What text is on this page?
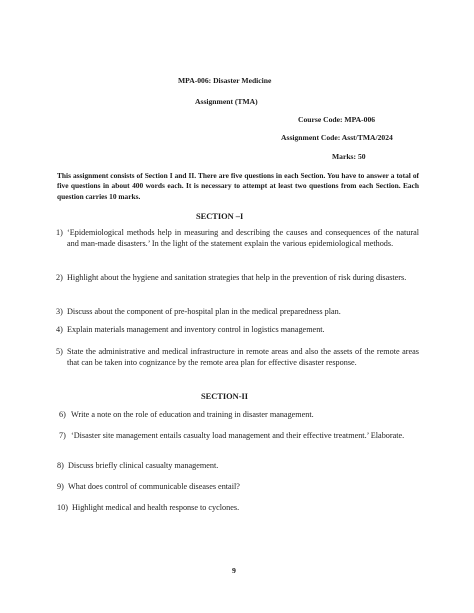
MPA-006: Disaster Medicine
Assignment (TMA)
Course Code: MPA-006
Assignment Code: Asst/TMA/2024
Marks: 50
This assignment consists of Section I and II. There are five questions in each Section. You have to answer a total of five questions in about 400 words each. It is necessary to attempt at least two questions from each Section. Each question carries 10 marks.
SECTION –I
1) ‘Epidemiological methods help in measuring and describing the causes and consequences of the natural and man-made disasters.’ In the light of the statement explain the various epidemiological methods.
2) Highlight about the hygiene and sanitation strategies that help in the prevention of risk during disasters.
3) Discuss about the component of pre-hospital plan in the medical preparedness plan.
4) Explain materials management and inventory control in logistics management.
5) State the administrative and medical infrastructure in remote areas and also the assets of the remote areas that can be taken into cognizance by the remote area plan for effective disaster response.
SECTION-II
6) Write a note on the role of education and training in disaster management.
7) ‘Disaster site management entails casualty load management and their effective treatment.’ Elaborate.
8) Discuss briefly clinical casualty management.
9) What does control of communicable diseases entail?
10) Highlight medical and health response to cyclones.
9
